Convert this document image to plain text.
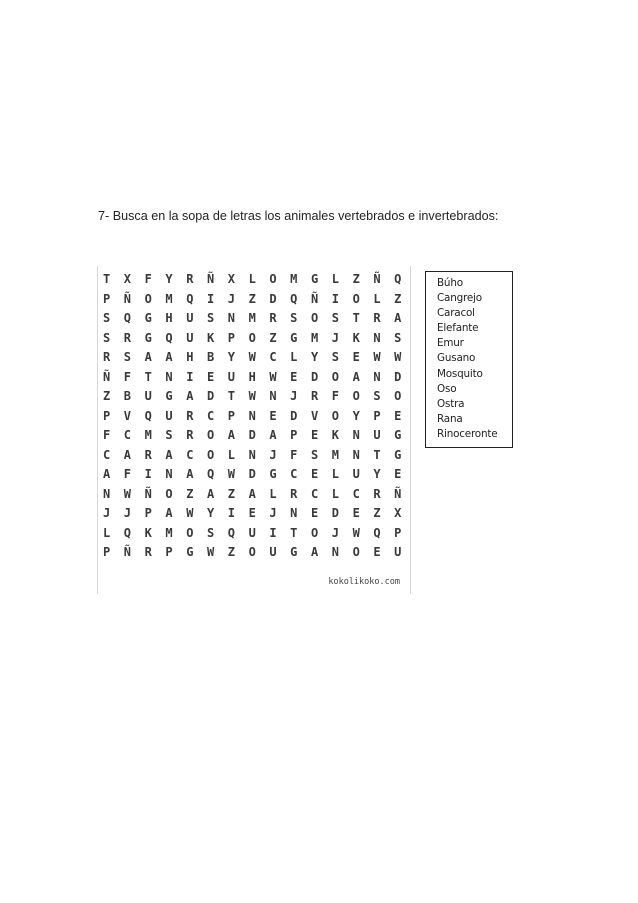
7- Busca en la sopa de letras los animales vertebrados e invertebrados:
T	X	F	Y	R	Ñ	X	L	O	M	G	L	Z	Ñ	Q
P	Ñ	O	M	Q	I	J	Z	D	Q	Ñ	I	O	L	Z
S	Q	G	H	U	S	N	M	R	S	O	S	T	R	A
S	R	G	Q	U	K	P	O	Z	G	M	J	K	N	S
R	S	A	A	H	B	Y	W	C	L	Y	S	E	W	W
Ñ	F	T	N	I	E	U	H	W	E	D	O	A	N	D
Z	B	U	G	A	D	T	W	N	J	R	F	O	S	O
P	V	Q	U	R	C	P	N	E	D	V	O	Y	P	E
F	C	M	S	R	O	A	D	A	P	E	K	N	U	G
C	A	R	A	C	O	L	N	J	F	S	M	N	T	G
A	F	I	N	A	Q	W	D	G	C	E	L	U	Y	E
N	W	Ñ	O	Z	A	Z	A	L	R	C	L	C	R	Ñ
J	J	P	A	W	Y	I	E	J	N	E	D	E	Z	X
L	Q	K	M	O	S	Q	U	I	T	O	J	W	Q	P
P	Ñ	R	P	G	W	Z	O	U	G	A	N	O	E	U
kokolikoko.com
Búho
Cangrejo
Caracol
Elefante
Emur
Gusano
Mosquito
Oso
Ostra
Rana
Rinoceronte
